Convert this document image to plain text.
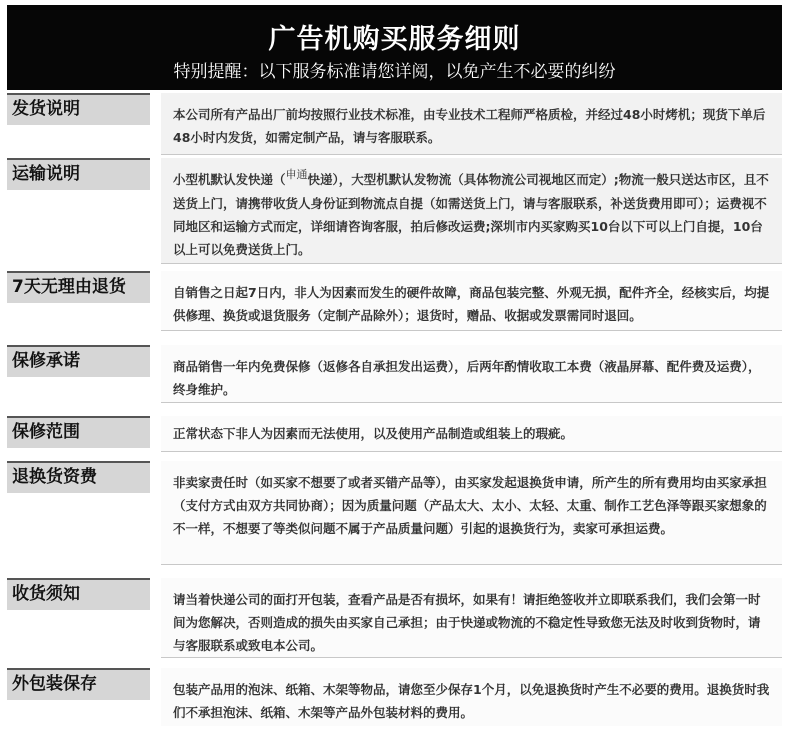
广告机购买服务细则
特别提醒：以下服务标准请您详阅，以免产生不必要的纠纷
发货说明	本公司所有产品出厂前均按照行业技术标准，由专业技术工程师严格质检，并经过48小时烤机；现货下单后48小时内发货，如需定制产品，请与客服联系。
运输说明	小型机默认发快递（申通快递），大型机默认发物流（具体物流公司视地区而定）;物流一般只送达市区，且不送货上门，请携带收货人身份证到物流点自提（如需送货上门，请与客服联系，补送货费用即可）；运费视不同地区和运输方式而定，详细请咨询客服，拍后修改运费;深圳市内买家购买10台以下可以上门自提，10台以上可以免费送货上门。
7天无理由退货	自销售之日起7日内，非人为因素而发生的硬件故障，商品包装完整、外观无损，配件齐全，经核实后，均提供修理、换货或退货服务（定制产品除外）；退货时，赠品、收据或发票需同时退回。
保修承诺	商品销售一年内免费保修（返修各自承担发出运费），后两年酌情收取工本费（液晶屏幕、配件费及运费），终身维护。
保修范围	正常状态下非人为因素而无法使用，以及使用产品制造或组装上的瑕疵。
退换货资费	非卖家责任时（如买家不想要了或者买错产品等），由买家发起退换货申请，所产生的所有费用均由买家承担（支付方式由双方共同协商）；因为质量问题（产品太大、太小、太轻、太重、制作工艺色泽等跟买家想象的不一样，不想要了等类似问题不属于产品质量问题）引起的退换货行为，卖家可承担运费。
收货须知	请当着快递公司的面打开包装，查看产品是否有损坏，如果有！请拒绝签收并立即联系我们，我们会第一时间为您解决，否则造成的损失由买家自己承担；由于快递或物流的不稳定性导致您无法及时收到货物时，请与客服联系或致电本公司。
外包装保存	包装产品用的泡沫、纸箱、木架等物品，请您至少保存1个月，以免退换货时产生不必要的费用。退换货时我们不承担泡沫、纸箱、木架等产品外包装材料的费用。
